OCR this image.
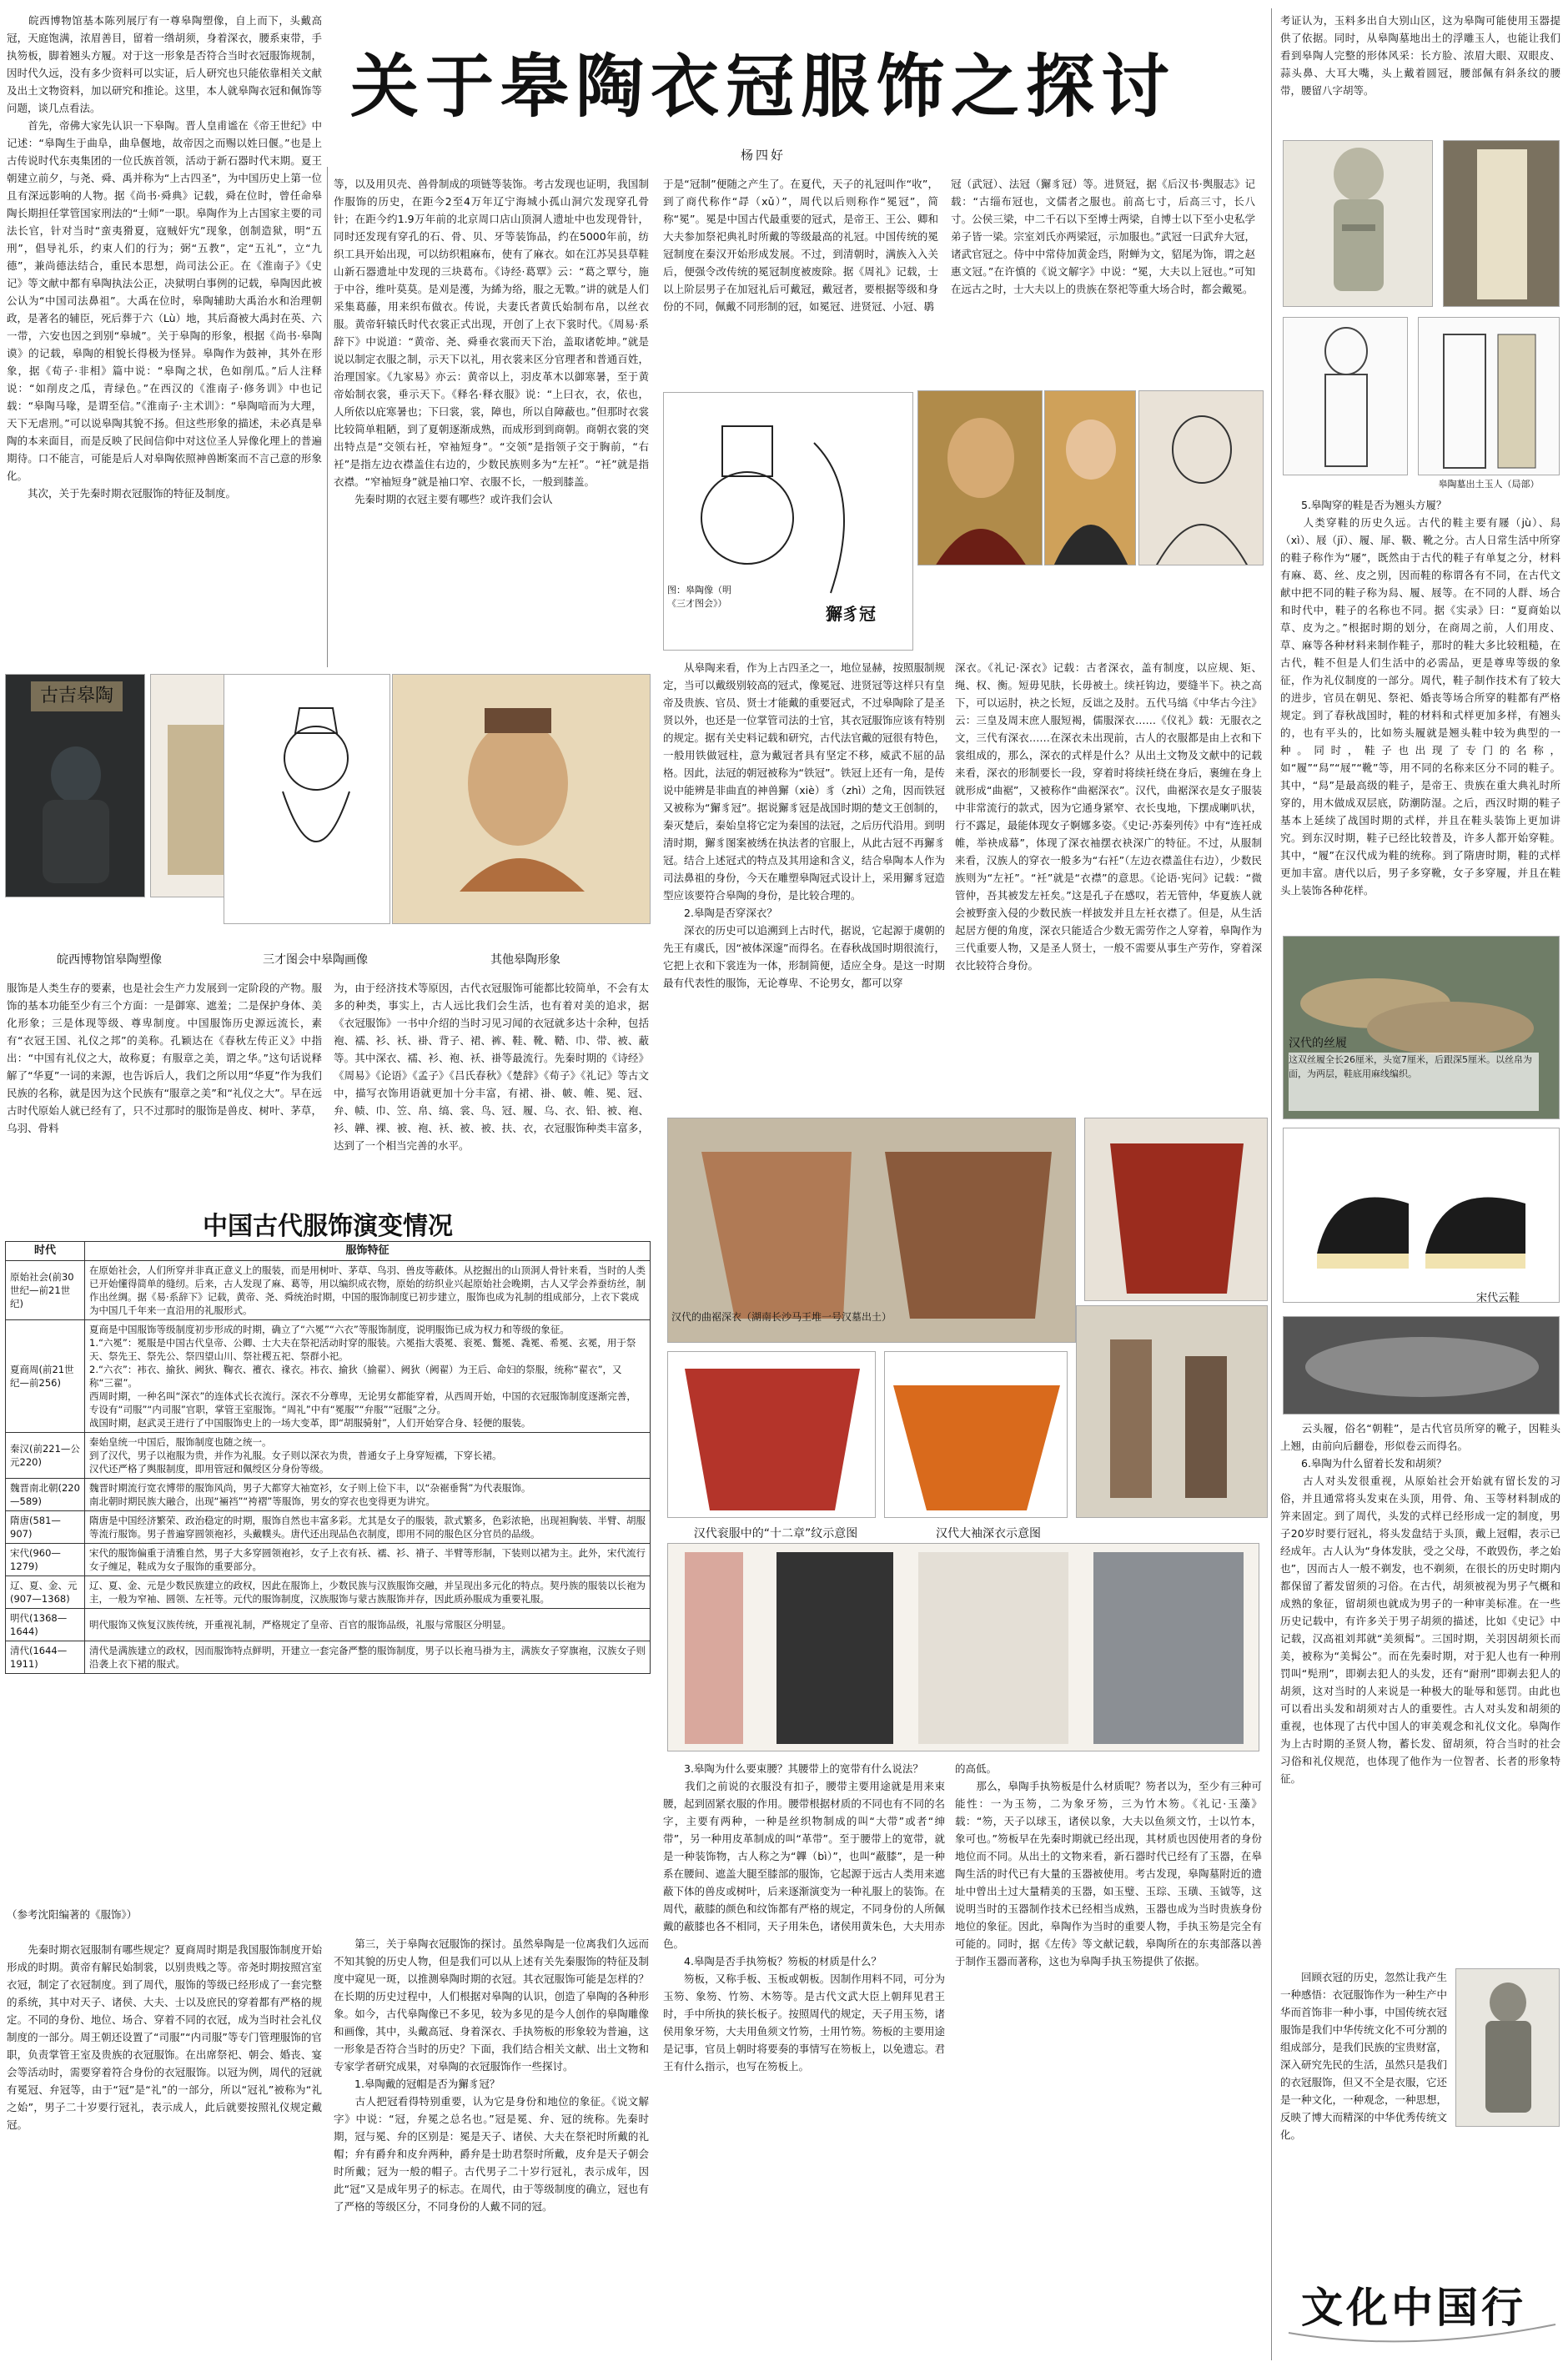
　　皖西博物馆基本陈列展厅有一尊皋陶塑像，自上而下，头戴高冠，天庭饱满，浓眉善目，留着一绺胡须，身着深衣，腰系束带，手执笏板，脚着翘头方履。对于这一形象是否符合当时衣冠服饰规制，因时代久远，没有多少资料可以实证，后人研究也只能依靠相关文献及出土文物资料，加以研究和推论。这里，本人就皋陶衣冠和佩饰等问题，谈几点看法。
　　首先，帝佛大家先认识一下皋陶。晋人皇甫谧在《帝王世纪》中记述：“皋陶生于曲阜，曲阜偃地，故帝因之而赐以姓曰偃。”也是上古传说时代东夷集团的一位氏族首领，活动于新石器时代末期。夏王朝建立前夕，与尧、舜、禹并称为“上古四圣”，为中国历史上第一位且有深远影响的人物。据《尚书·舜典》记载，舜在位时，曾任命皋陶长期担任掌管国家刑法的“士师”一职。皋陶作为上古国家主要的司法长官，针对当时“蛮夷猾夏，寇贼奸宄”现象，创制造狱，明“五刑”，倡导礼乐，约束人们的行为；弼“五教”，定“五礼”，立“九德”，兼尚德法结合，重民本思想，尚司法公正。在《淮南子》《史记》等文献中都有皋陶执法公正，决狱明白事例的记载，皋陶因此被公认为“中国司法鼻祖”。大禹在位时，皋陶辅助大禹治水和治理朝政，是著名的辅臣，死后葬于六（Lù）地，其后裔被大禹封在英、六一带，六安也因之到别“皋城”。关于皋陶的形象，根据《尚书·皋陶谟》的记载，皋陶的相貌长得极为怪异。皋陶作为鼓神，其外在形象，据《荀子·非相》篇中说：“皋陶之状，色如削瓜。”后人注释说：“如削皮之瓜，青绿色。”在西汉的《淮南子·修务训》中也记载：“皋陶马喙，是谓至信。”《淮南子·主术训》：“皋陶喑而为大理，天下无虐刑。”可以说皋陶其貌不扬。但这些形象的描述，未必真是皋陶的本来面目，而是反映了民间信仰中对这位圣人异像化理上的普遍期待。口不能言，可能是后人对皋陶依照神兽断案而不言己意的形象化。
　　其次，关于先秦时期衣冠服饰的特征及制度。
关于皋陶衣冠服饰之探讨
杨四好
等，以及用贝壳、兽骨制成的项链等装饰。考古发现也证明，我国制作服饰的历史，在距今2至4万年辽宁海城小孤山洞穴发现穿孔骨针；在距今约1.9万年前的北京周口店山顶洞人遗址中也发现骨针，同时还发现有穿孔的石、骨、贝、牙等装饰品，约在5000年前，纺织工具开始出现，可以纺织粗麻布，使有了麻衣。如在江苏吴县草鞋山新石器遗址中发现的三块葛布。《诗经·葛覃》云：“葛之覃兮，施于中谷，维叶莫莫。是刈是濩，为絺为绤，服之无斁。”讲的就是人们采集葛藤，用来织布做衣。传说，夫妻氏者黄氏始制布帛，以丝衣服。黄帝轩辕氏时代衣裳正式出现，开创了上衣下裳时代。《周易·系辞下》中说道：“黄帝、尧、舜垂衣裳而天下治，盖取诸乾坤。”就是说以制定衣服之制，示天下以礼，用衣裳来区分官理者和普通百姓，治理国家。《九家易》亦云：黄帝以上，羽皮革木以御寒暑，至于黄帝始制衣裳，垂示天下。《释名·释衣服》说：“上曰衣，衣，依也，人所依以庇寒暑也；下曰裳，裳，障也，所以自障蔽也。”但那时衣裳比较简单粗陋，到了夏朝逐渐成熟，而成形到到商朝。商朝衣裳的突出特点是“交领右衽，窄袖短身”。“交领”是指领子交于胸前，“右衽”是指左边衣襟盖住右边的，少数民族则多为“左衽”。“衽”就是指衣襟。“窄袖短身”就是袖口窄、衣服不长，一般到膝盖。
　　先秦时期的衣冠主要有哪些？或许我们会认
于是“冠制”便随之产生了。在夏代，天子的礼冠叫作“收”，到了商代称作“冔（xǔ）”，周代以后则称作“冕冠”，简称“冕”。冕是中国古代最重要的冠式，是帝王、王公、卿和大夫参加祭祀典礼时所戴的等级最高的礼冠。中国传统的冕冠制度在秦汉开始形成发展。不过，到清朝时，满族入入关后，便强令改传统的冕冠制度被废除。据《周礼》记载，士以上阶层男子在加冠礼后可戴冠，戴冠者，要根据等级和身份的不同，佩戴不同形制的冠，如冕冠、进贤冠、小冠、鹖
冠（武冠）、法冠（獬豸冠）等。进贤冠，据《后汉书·舆服志》记载：“古缁布冠也，文儒者之服也。前高七寸，后高三寸，长八寸。公侯三梁，中二千石以下至博士两梁，自博士以下至小史私学弟子皆一梁。宗室刘氏亦两梁冠，示加服也。”武冠一曰武弁大冠，诸武官冠之。侍中中常侍加黄金珰，附蝉为文，貂尾为饰，谓之赵惠文冠。”在许慎的《说文解字》中说：“冕，大夫以上冠也。”可知在远古之时，士大夫以上的贵族在祭祀等重大场合时，都会戴冕。
考证认为，玉料多出自大别山区，这为皋陶可能使用玉器提供了依据。同时，从皋陶墓地出土的浮雕玉人，也能让我们看到皋陶人完整的形体风采：长方脸、浓眉大眼、双眼皮、蒜头鼻、大耳大嘴，头上戴着圆冠，腰部佩有斜条纹的腰带，腰留八字胡等。
皋陶墓出土玉人（局部）
　　5.皋陶穿的鞋是否为翘头方履？
　　人类穿鞋的历史久远。古代的鞋主要有屦（jù）、舄（xì）、屐（jī）、履、屝、靸、靴之分。古人日常生活中所穿的鞋子称作为“屦”，既然由于古代的鞋子有单复之分，材料有麻、葛、丝、皮之别，因而鞋的称谓各有不同，在古代文献中把不同的鞋子称为舄、履、屐等。在不同的人群、场合和时代中，鞋子的名称也不同。据《实录》曰：“夏商始以草、皮为之。”根据时期的划分，在商周之前，人们用皮、草、麻等各种材料来制作鞋子，那时的鞋大多比较粗糙，在古代，鞋不但是人们生活中的必需品，更是尊卑等级的象征，作为礼仪制度的一部分。周代，鞋子制作技术有了较大的进步，官员在朝见、祭祀、婚丧等场合所穿的鞋都有严格规定。到了春秋战国时，鞋的材料和式样更加多样，有翘头的，也有平头的，比如笏头履就是翘头鞋中较为典型的一种。同时，鞋子也出现了专门的名称，如“履”“舄”“屐”“靴”等，用不同的名称来区分不同的鞋子。其中，“舄”是最高级的鞋子，是帝王、贵族在重大典礼时所穿的，用木做成双层底，防潮防湿。之后，西汉时期的鞋子基本上延续了战国时期的式样，并且在鞋头装饰上更加讲究。到东汉时期，鞋子已经比较普及，许多人都开始穿鞋。其中，“履”在汉代成为鞋的统称。到了隋唐时期，鞋的式样更加丰富。唐代以后，男子多穿靴，女子多穿履，并且在鞋头上装饰各种花样。
汉代的丝履
这双丝履全长26厘米，头宽7厘米，后跟深5厘米。以丝帛为面，为两层，鞋底用麻线编织。
宋代云鞋
　　云头履，俗名“朝鞋”，是古代官员所穿的靴子，因鞋头上翘，由前向后翻卷，形似卷云而得名。
　　6.皋陶为什么留着长发和胡须？
　　古人对头发很重视，从原始社会开始就有留长发的习俗，并且通常将头发束在头顶，用骨、角、玉等材料制成的笄来固定。到了周代，头发的式样已经形成一定的制度，男子20岁时要行冠礼，将头发盘结于头顶，戴上冠帽，表示已经成年。古人认为“身体发肤，受之父母，不敢毁伤，孝之始也”，因而古人一般不剃发，也不剃须，在很长的历史时期内都保留了蓄发留须的习俗。在古代，胡须被视为男子气概和成熟的象征，留胡须也就成为男子的一种审美标准。在一些历史记载中，有许多关于男子胡须的描述，比如《史记》中记载，汉高祖刘邦就“美须髯”。三国时期，关羽因胡须长而美，被称为“美髯公”。而在先秦时期，对于犯人也有一种刑罚叫“髡刑”，即剃去犯人的头发，还有“耐刑”即剃去犯人的胡须，这对当时的人来说是一种极大的耻辱和惩罚。由此也可以看出头发和胡须对古人的重要性。古人对头发和胡须的重视，也体现了古代中国人的审美观念和礼仪文化。皋陶作为上古时期的圣贤人物，蓄长发、留胡须，符合当时的社会习俗和礼仪规范，也体现了他作为一位智者、长者的形象特征。
　　回顾衣冠的历史，忽然让我产生一种感悟：衣冠服饰作为一种生产中华而首饰非一种小事，中国传统衣冠服饰是我们中华传统文化不可分割的组成部分，是我们民族的宝贵财富，深入研究先民的生活，虽然只是我们的衣冠服饰，但又不全是衣服，它还是一种文化，一种观念，一种思想，反映了博大而精深的中华优秀传统文化。
文化中国行
古吉皋陶
皖西博物馆皋陶塑像	三才图会中皋陶画像	其他皋陶形象
服饰是人类生存的要素，也是社会生产力发展到一定阶段的产物。服饰的基本功能至少有三个方面：一是御寒、遮羞；二是保护身体、美化形象；三是体现等级、尊卑制度。中国服饰历史源远流长，素有“衣冠王国、礼仪之邦”的美称。孔颖达在《春秋左传正义》中指出：“中国有礼仪之大，故称夏；有服章之美，谓之华。”这句话说释解了“华夏”一词的来源，也告诉后人，我们之所以用“华夏”作为我们民族的名称，就是因为这个民族有“服章之美”和“礼仪之大”。早在远古时代原始人就已经有了，只不过那时的服饰是兽皮、树叶、茅草，乌羽、骨料
为，由于经济技术等原因，古代衣冠服饰可能都比较简单，不会有太多的种类，事实上，古人远比我们会生活，也有着对美的追求，据《衣冠服饰》一书中介绍的当时习见习闻的衣冠就多达十余种，包括袍、襦、衫、袄、褂、背子、裙、裤、鞋、靴、鞜、巾、带、被、蔽等。其中深衣、襦、衫、袍、袄、褂等最流行。先秦时期的《诗经》《周易》《论语》《孟子》《吕氏春秋》《楚辞》《荀子》《礼记》等古文中，描写衣饰用语就更加十分丰富，有裙、褂、帔、帷、冕、冠、弁、帻、巾、笠、帛、缟、裳、鸟、冠、履、乌、衣、铅、被、袍、衫、韡、裸、被、袍、袄、被、被、扶、衣，衣冠服饰种类丰富多，达到了一个相当完善的水平。
中国古代服饰演变情况
时代	服饰特征
原始社会(前30世纪—前21世纪)	在原始社会，人们所穿并非真正意义上的服装，而是用树叶、茅草、鸟羽、兽皮等蔽体。从挖掘出的山顶洞人骨针来看，当时的人类已开始懂得简单的缝纫。后来，古人发现了麻、葛等，用以编织成衣物，原始的纺织业兴起原始社会晚期，古人又学会养蚕纺丝，制作出丝绸。据《易·系辞下》记载，黄帝、尧、舜统治时期，中国的服饰制度已初步建立，服饰也成为礼制的组成部分，上衣下裳成为中国几千年来一直沿用的礼服形式。
夏商周(前21世纪—前256)	夏商是中国服饰等级制度初步形成的时期，确立了“六冕”“六衣”等服饰制度，说明服饰已成为权力和等级的象征。
1.“六冕”：冕服是中国古代皇帝、公卿、士大夫在祭祀活动时穿的服装。六冕指大裘冕、衮冕、鷩冕、毳冕、希冕、玄冕，用于祭天、祭先王、祭先公、祭四望山川、祭社稷五祀、祭群小祀。
2.“六衣”：袆衣、揄狄、阙狄、鞠衣、襢衣、禒衣。袆衣、揄狄（揄翟）、阙狄（阙翟）为王后、命妇的祭服，统称“翟衣”，又称“三翟”。
西周时期，一种名叫“深衣”的连体式长衣流行。深衣不分尊卑，无论男女都能穿着，从西周开始，中国的衣冠服饰制度逐渐完善，专设有“司服”“内司服”官职，掌管王室服饰。“周礼”中有“冕服”“弁服”“冠服”之分。
战国时期，赵武灵王进行了中国服饰史上的一场大变革，即“胡服骑射”，人们开始穿合身、轻便的服装。
秦汉(前221—公元220)	秦始皇统一中国后，服饰制度也随之统一。
到了汉代，男子以袍服为贵，并作为礼服。女子则以深衣为贵，普通女子上身穿短襦，下穿长裙。
汉代还严格了舆服制度，即用管冠和佩绶区分身份等级。
魏晋南北朝(220—589)	魏晋时期流行宽衣博带的服饰风尚，男子大都穿大袖宽衫，女子则上俭下丰，以“杂裾垂髾”为代表服饰。
南北朝时期民族大融合，出现“裲裆”“袴褶”等服饰，男女的穿衣也变得更为讲究。
隋唐(581—907)	隋唐是中国经济繁荣、政治稳定的时期，服饰自然也丰富多彩。尤其是女子的服装，款式繁多，色彩浓艳，出现袒胸装、半臂、胡服等流行服饰。男子普遍穿圆领袍衫，头戴幞头。唐代还出现品色衣制度，即用不同的服色区分官员的品级。
宋代(960—1279)	宋代的服饰偏重于清雅自然，男子大多穿圆领袍衫，女子上衣有袄、襦、衫、褙子、半臂等形制，下装则以裙为主。此外，宋代流行女子缠足，鞋成为女子服饰的重要部分。
辽、夏、金、元(907—1368)	辽、夏、金、元是少数民族建立的政权，因此在服饰上，少数民族与汉族服饰交融，并呈现出多元化的特点。契丹族的服装以长袍为主，一般为窄袖、圆领、左衽等。元代的服饰制度，汉族服饰与蒙古族服饰并存，因此质孙服成为重要礼服。
明代(1368—1644)	明代服饰又恢复汉族传统，开重视礼制，严格规定了皇帝、百官的服饰品级，礼服与常服区分明显。
清代(1644—1911)	清代是满族建立的政权，因而服饰特点鲜明，开建立一套完备严整的服饰制度，男子以长袍马褂为主，满族女子穿旗袍，汉族女子则沿袭上衣下裙的服式。
（参考沈阳编著的《服饰》）

　　先秦时期衣冠服制有哪些规定？夏商周时期是我国服饰制度开始形成的时期。黄帝有解民始制裳，以别贵贱之等。帝尧时期按照宫室衣冠，制定了衣冠制度。到了周代，服饰的等级已经形成了一套完整的系统，其中对天子、诸侯、大夫、士以及庶民的穿着都有严格的规定。不同的身份、地位、场合、穿着不同的衣冠，成为当时社会礼仪制度的一部分。周王朝还设置了“司服”“内司服”等专门管理服饰的官职，负责掌管王室及贵族的衣冠服饰。在出席祭祀、朝会、婚丧、宴会等活动时，需要穿着符合身份的衣冠服饰。以冠为例，周代的冠就有冕冠、弁冠等，由于“冠”是“礼”的一部分，所以“冠礼”被称为“礼之始”，男子二十岁要行冠礼，表示成人，此后就要按照礼仪规定戴冠。
　　第三，关于皋陶衣冠服饰的探讨。虽然皋陶是一位离我们久远而不知其貌的历史人物，但是我们可以从上述有关先秦服饰的特征及制度中窥见一斑，以推测皋陶时期的衣冠。其衣冠服饰可能是怎样的？在长期的历史过程中，人们根据对皋陶的认识，创造了皋陶的各种形象。如今，古代皋陶像已不多见，较为多见的是今人创作的皋陶雕像和画像，其中，头戴高冠、身着深衣、手执笏板的形象较为普遍，这一形象是否符合当时的历史？下面，我们结合相关文献、出土文物和专家学者研究成果，对皋陶的衣冠服饰作一些探讨。
　　1.皋陶戴的冠帽是否为獬豸冠？
　　古人把冠看得特别重要，认为它是身份和地位的象征。《说文解字》中说：“冠，弁冕之总名也。”冠是冕、弁、冠的统称。先秦时期，冠与冕、弁的区别是：冕是天子、诸侯、大夫在祭祀时所戴的礼帽；弁有爵弁和皮弁两种，爵弁是士助君祭时所戴，皮弁是天子朝会时所戴；冠为一般的帽子。古代男子二十岁行冠礼，表示成年，因此“冠”又是成年男子的标志。在周代，由于等级制度的确立，冠也有了严格的等级区分，不同身份的人戴不同的冠。
图：皋陶像（明《三才图会》）
獬豸冠
　　从皋陶来看，作为上古四圣之一，地位显赫，按照服制规定，当可以戴级别较高的冠式，像冕冠、进贤冠等这样只有皇帝及贵族、官员、贤士才能戴的重要冠式，不过皋陶除了是圣贤以外，也还是一位掌管司法的士官，其衣冠服饰应该有特别的规定。据有关史料记载和研究，古代法官戴的冠很有特色，一般用铁做冠柱，意为戴冠者具有坚定不移，威武不屈的品格。因此，法冠的朝冠被称为“铁冠”。铁冠上还有一角，是传说中能辨是非曲直的神兽獬（xiè）豸（zhì）之角，因而铁冠又被称为“獬豸冠”。据说獬豸冠是战国时期的楚文王创制的，秦灭楚后，秦始皇将它定为秦国的法冠，之后历代沿用。到明清时期，獬豸图案被绣在执法者的官服上，从此古冠不再獬豸冠。结合上述冠式的特点及其用途和含义，结合皋陶本人作为司法鼻祖的身份，今天在雕塑皋陶冠式设计上，采用獬豸冠造型应该要符合皋陶的身份，是比较合理的。
　　2.皋陶是否穿深衣？
　　深衣的历史可以追溯到上古时代，据说，它起源于虞朝的先王有虞氏，因“被体深邃”而得名。在春秋战国时期很流行，它把上衣和下裳连为一体，形制简便，适应全身。是这一时期最有代表性的服饰，无论尊卑、不论男女，都可以穿
深衣。《礼记·深衣》记载：古者深衣，盖有制度，以应规、矩、绳、权、衡。短毋见肤，长毋被土。续衽钩边，要缝半下。袂之高下，可以运肘，袂之长短，反诎之及肘。五代马缟《中华古今注》云：三皇及周末庶人服短褐，儒服深衣……《仪礼》载：无服衣之文，三代有深衣……在深衣未出现前，古人的衣服都是由上衣和下裳组成的，那么，深衣的式样是什么？从出土文物及文献中的记载来看，深衣的形制要长一段，穿着时将续衽绕在身后，裹缠在身上就形成“曲裾”，又被称作“曲裾深衣”。汉代，曲裾深衣是女子服装中非常流行的款式，因为它通身紧窄、衣长曳地，下摆成喇叭状，行不露足，最能体现女子婀娜多姿。《史记·苏秦列传》中有“连衽成帷，举袂成幕”，体现了深衣袖摆衣袂深广的特征。不过，从服制来看，汉族人的穿衣一般多为“右衽”（左边衣襟盖住右边），少数民族则为“左衽”。“衽”就是“衣襟”的意思。《论语·宪问》记载：“微管仲，吾其被发左衽矣。”这是孔子在感叹，若无管仲，华夏族人就会被野蛮入侵的少数民族一样披发并且左衽衣襟了。但是，从生活起居方便的角度，深衣只能适合少数无需劳作之人穿着，皋陶作为三代重要人物，又是圣人贤士，一般不需要从事生产劳作，穿着深衣比较符合身份。
汉代的曲裾深衣（湖南长沙马王堆一号汉墓出土）
汉代衮服中的“十二章”纹示意图	汉代大袖深衣示意图
　　3.皋陶为什么要束腰？其腰带上的宽带有什么说法？
　　我们之前说的衣服没有扣子，腰带主要用途就是用来束腰，起到固紧衣服的作用。腰带根据材质的不同也有不同的名字，主要有两种，一种是丝织物制成的叫“大带”或者“绅带”，另一种用皮革制成的叫“革带”。至于腰带上的宽带，就是一种装饰物，古人称之为“韠（bì）”，也叫“蔽膝”，是一种系在腰间、遮盖大腿至膝部的服饰，它起源于远古人类用来遮蔽下体的兽皮或树叶，后来逐渐演变为一种礼服上的装饰。在周代，蔽膝的颜色和纹饰都有严格的规定，不同身份的人所佩戴的蔽膝也各不相同，天子用朱色，诸侯用黄朱色，大夫用赤色。
　　4.皋陶是否手执笏板？笏板的材质是什么？
　　笏板，又称手板、玉板或朝板。因制作用料不同，可分为玉笏、象笏、竹笏、木笏等。是古代文武大臣上朝拜见君王时，手中所执的狭长板子。按照周代的规定，天子用玉笏，诸侯用象牙笏，大夫用鱼须文竹笏，士用竹笏。笏板的主要用途是记事，官员上朝时将要奏的事情写在笏板上，以免遗忘。君王有什么指示，也写在笏板上。
的高低。
　　那么，皋陶手执笏板是什么材质呢？笏者以为，至少有三种可能性：一为玉笏，二为象牙笏，三为竹木笏。《礼记·玉藻》载：“笏，天子以球玉，诸侯以象，大夫以鱼须文竹，士以竹本，象可也。”笏板早在先秦时期就已经出现，其材质也因使用者的身份地位而不同。从出土的文物来看，新石器时代已经有了玉器，在皋陶生活的时代已有大量的玉器被使用。考古发现，皋陶墓附近的遗址中曾出土过大量精美的玉器，如玉璧、玉琮、玉璜、玉钺等，这说明当时的玉器制作技术已经相当成熟，玉器也成为当时贵族身份地位的象征。因此，皋陶作为当时的重要人物，手执玉笏是完全有可能的。同时，据《左传》等文献记载，皋陶所在的东夷部落以善于制作玉器而著称，这也为皋陶手执玉笏提供了依据。
